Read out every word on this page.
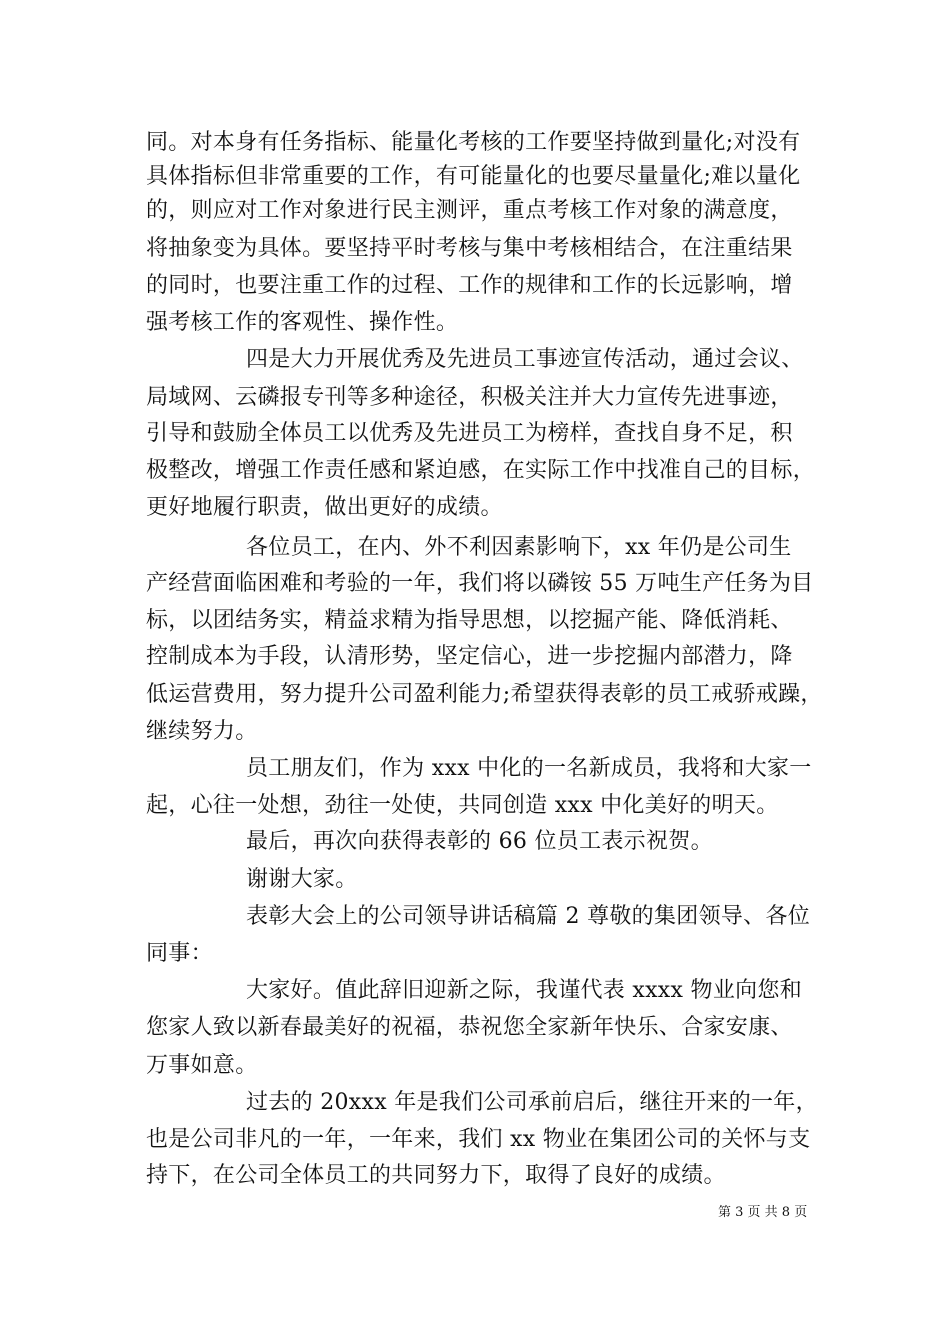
同。对本身有任务指标、能量化考核的工作要坚持做到量化;对没有
具体指标但非常重要的工作，有可能量化的也要尽量量化;难以量化
的，则应对工作对象进行民主测评，重点考核工作对象的满意度，
将抽象变为具体。要坚持平时考核与集中考核相结合，在注重结果
的同时，也要注重工作的过程、工作的规律和工作的长远影响，增
强考核工作的客观性、操作性。
四是大力开展优秀及先进员工事迹宣传活动，通过会议、
局域网、云磷报专刊等多种途径，积极关注并大力宣传先进事迹，
引导和鼓励全体员工以优秀及先进员工为榜样，查找自身不足，积
极整改，增强工作责任感和紧迫感，在实际工作中找准自己的目标，
更好地履行职责，做出更好的成绩。
各位员工，在内、外不利因素影响下，xx 年仍是公司生
产经营面临困难和考验的一年，我们将以磷铵 55 万吨生产任务为目
标，以团结务实，精益求精为指导思想，以挖掘产能、降低消耗、
控制成本为手段，认清形势，坚定信心，进一步挖掘内部潜力，降
低运营费用，努力提升公司盈利能力;希望获得表彰的员工戒骄戒躁，
继续努力。
员工朋友们，作为 xxx 中化的一名新成员，我将和大家一
起，心往一处想，劲往一处使，共同创造 xxx 中化美好的明天。
最后，再次向获得表彰的 66 位员工表示祝贺。
谢谢大家。
表彰大会上的公司领导讲话稿篇 2 尊敬的集团领导、各位
同事：
大家好。值此辞旧迎新之际，我谨代表 xxxx 物业向您和
您家人致以新春最美好的祝福，恭祝您全家新年快乐、合家安康、
万事如意。
过去的 20xxx 年是我们公司承前启后，继往开来的一年，
也是公司非凡的一年，一年来，我们 xx 物业在集团公司的关怀与支
持下，在公司全体员工的共同努力下，取得了良好的成绩。
第 3 页 共 8 页
